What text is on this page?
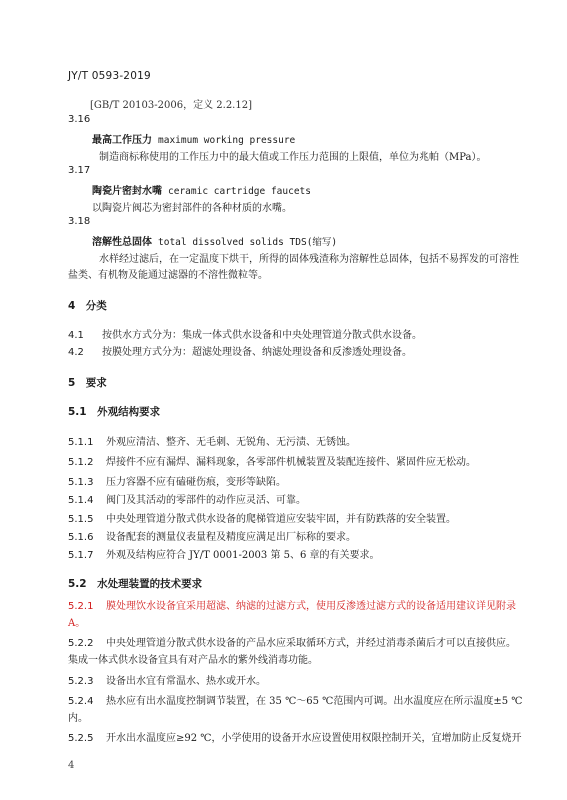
JY/T 0593-2019
[GB/T 20103-2006，定义 2.2.12]
3.16
最高工作压力 maximum working pressure
制造商标称使用的工作压力中的最大值或工作压力范围的上限值，单位为兆帕（MPa）。
3.17
陶瓷片密封水嘴 ceramic cartridge faucets
以陶瓷片阀芯为密封部件的各种材质的水嘴。
3.18
溶解性总固体 total dissolved solids TDS(缩写)
水样经过滤后，在一定温度下烘干，所得的固体残渣称为溶解性总固体，包括不易挥发的可溶性
盐类、有机物及能通过滤器的不溶性微粒等。
4　分类
4.1 按供水方式分为：集成一体式供水设备和中央处理管道分散式供水设备。
4.2 按膜处理方式分为：超滤处理设备、纳滤处理设备和反渗透处理设备。
5　要求
5.1　外观结构要求
5.1.1 外观应清洁、整齐、无毛刺、无锐角、无污渍、无锈蚀。
5.1.2 焊接件不应有漏焊、漏料现象，各零部件机械装置及装配连接件、紧固件应无松动。
5.1.3 压力容器不应有磕碰伤痕，变形等缺陷。
5.1.4 阀门及其活动的零部件的动作应灵活、可靠。
5.1.5 中央处理管道分散式供水设备的爬梯管道应安装牢固，并有防跌落的安全装置。
5.1.6 设备配套的测量仪表量程及精度应满足出厂标称的要求。
5.1.7 外观及结构应符合 JY/T 0001-2003 第 5、6 章的有关要求。
5.2　水处理装置的技术要求
5.2.1 膜处理饮水设备宜采用超滤、纳滤的过滤方式，使用反渗透过滤方式的设备适用建议详见附录
A。
5.2.2 中央处理管道分散式供水设备的产品水应采取循环方式，并经过消毒杀菌后才可以直接供应。
集成一体式供水设备宜具有对产品水的紫外线消毒功能。
5.2.3 设备出水宜有常温水、热水或开水。
5.2.4 热水应有出水温度控制调节装置，在 35 ℃～65 ℃范围内可调。出水温度应在所示温度±5 ℃
内。
5.2.5 开水出水温度应≥92 ℃，小学使用的设备开水应设置使用权限控制开关，宜增加防止反复烧开
4
